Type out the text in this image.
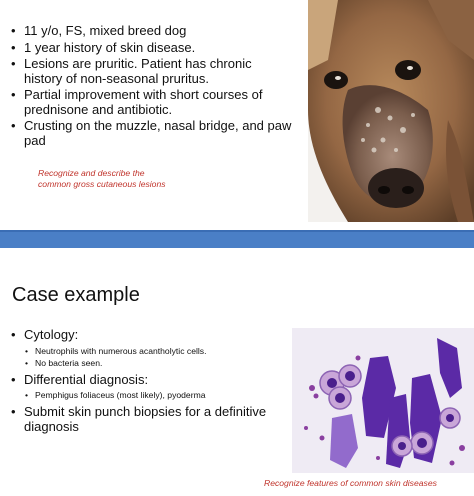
• 11 y/o, FS, mixed breed dog
• 1 year history of skin disease.
• Lesions are pruritic. Patient has chronic history of non-seasonal pruritus.
• Partial improvement with short courses of prednisone and antibiotic.
• Crusting on the muzzle, nasal bridge, and paw pad
Recognize and describe the
common gross cutaneous lesions
Case example
• Cytology:
• Neutrophils with numerous acantholytic cells.
• No bacteria seen.
• Differential diagnosis:
• Pemphigus foliaceus (most likely), pyoderma
• Submit skin punch biopsies for a definitive diagnosis
Recognize features of common skin diseases
